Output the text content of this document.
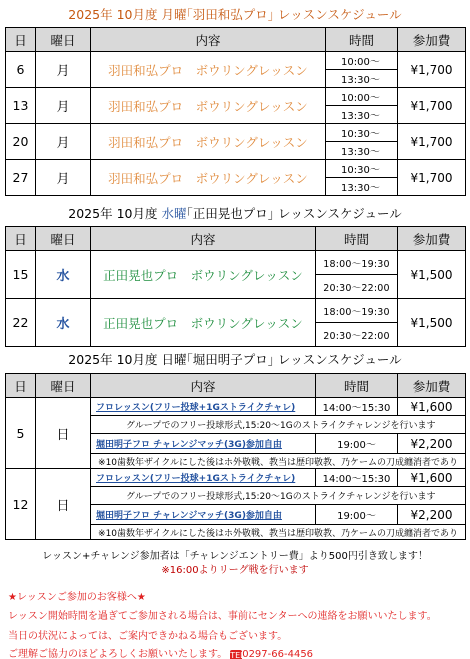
2025年 10月度 月曜｢羽田和弘プロ｣ レッスンスケジュール
日	曜日	内容	時間	参加費
6	月	羽田和弘プロ　ボウリングレッスン	10:00～	¥1,700
			13:30～	
13	月	羽田和弘プロ　ボウリングレッスン	10:00～	¥1,700
			13:30～	
20	月	羽田和弘プロ　ボウリングレッスン	10:30～	¥1,700
			13:30～	
27	月	羽田和弘プロ　ボウリングレッスン	10:30～	¥1,700
			13:30～	
2025年 10月度 水曜｢正田晃也プロ｣ レッスンスケジュール
日	曜日	内容	時間	参加費
15	水	正田晃也プロ　ボウリングレッスン	18:00～19:30	¥1,500
			20:30～22:00	
22	水	正田晃也プロ　ボウリングレッスン	18:00～19:30	¥1,500
			20:30～22:00	
2025年 10月度 日曜｢堀田明子プロ｣ レッスンスケジュール
日	曜日	内容	時間	参加費
5	日	フロレッスン(フリー投球+1Gストライクチャレ)	14:00～15:30	¥1,600
		グループでのフリー投球形式,15:20～1Gのストライクチャレンジを行います		
		堀田明子フロ チャレンジマッチ(3G)参加自由	19:00～	¥2,200
		※10歯数年ザイクルにした後はホ外敬戦、教当は歴印敬教、乃ケームの刀成纏消者であり		
12	日	フロレッスン(フリー投球+1Gストライクチャレ)	14:00～15:30	¥1,600
		グループでのフリー投球形式,15:20～1Gのストライクチャレンジを行います		
		堀田明子フロ チャレンジマッチ(3G)参加自由	19:00～	¥2,200
		※10歯数年ザイクルにした後はホ外敬戦、教当は歴印敬教、乃ケームの刀成纏消者であり		
レッスン+チャレンジ参加者は「チャレンジエントリー費」より500円引き致します！
※16:00よりリーグ戦を行います
★レッスンご参加のお客様へ★
レッスン開始時間を過ぎてご参加される場合は、事前にセンターへの連絡をお願いいたします。
当日の状況によっては、ご案内できかねる場合もございます。
ご理解ご協力のほどよろしくお願いいたします。 TEL0297-66-4456
